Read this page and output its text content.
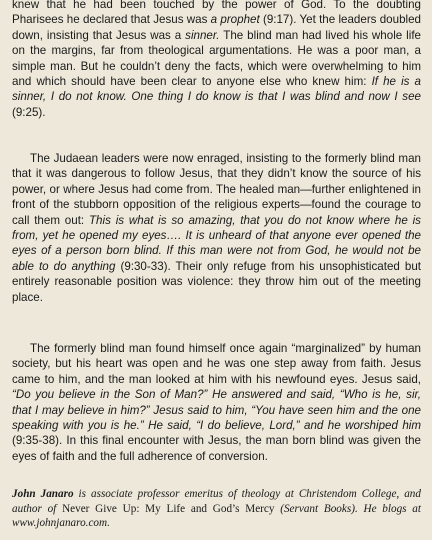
knew that he had been touched by the power of God. To the doubting Pharisees he declared that Jesus was a prophet (9:17). Yet the leaders doubled down, insisting that Jesus was a sinner. The blind man had lived his whole life on the margins, far from theological argumentations. He was a poor man, a simple man. But he couldn’t deny the facts, which were overwhelming to him and which should have been clear to anyone else who knew him: If he is a sinner, I do not know. One thing I do know is that I was blind and now I see (9:25).

The Judaean leaders were now enraged, insisting to the formerly blind man that it was dangerous to follow Jesus, that they didn’t know the source of his power, or where Jesus had come from. The healed man—further enlightened in front of the stubborn opposition of the religious experts—found the courage to call them out: This is what is so amazing, that you do not know where he is from, yet he opened my eyes…. It is unheard of that anyone ever opened the eyes of a person born blind. If this man were not from God, he would not be able to do anything (9:30-33). Their only refuge from his unsophisticated but entirely reasonable position was violence: they throw him out of the meeting place.

The formerly blind man found himself once again “marginalized” by human society, but his heart was open and he was one step away from faith. Jesus came to him, and the man looked at him with his newfound eyes. Jesus said, “Do you believe in the Son of Man?” He answered and said, “Who is he, sir, that I may believe in him?” Jesus said to him, “You have seen him and the one speaking with you is he.” He said, “I do believe, Lord,” and he worshiped him (9:35-38). In this final encounter with Jesus, the man born blind was given the eyes of faith and the full adherence of conversion.

John Janaro is associate professor emeritus of theology at Christendom College, and author of Never Give Up: My Life and God’s Mercy (Servant Books). He blogs at www.johnjanaro.com.
